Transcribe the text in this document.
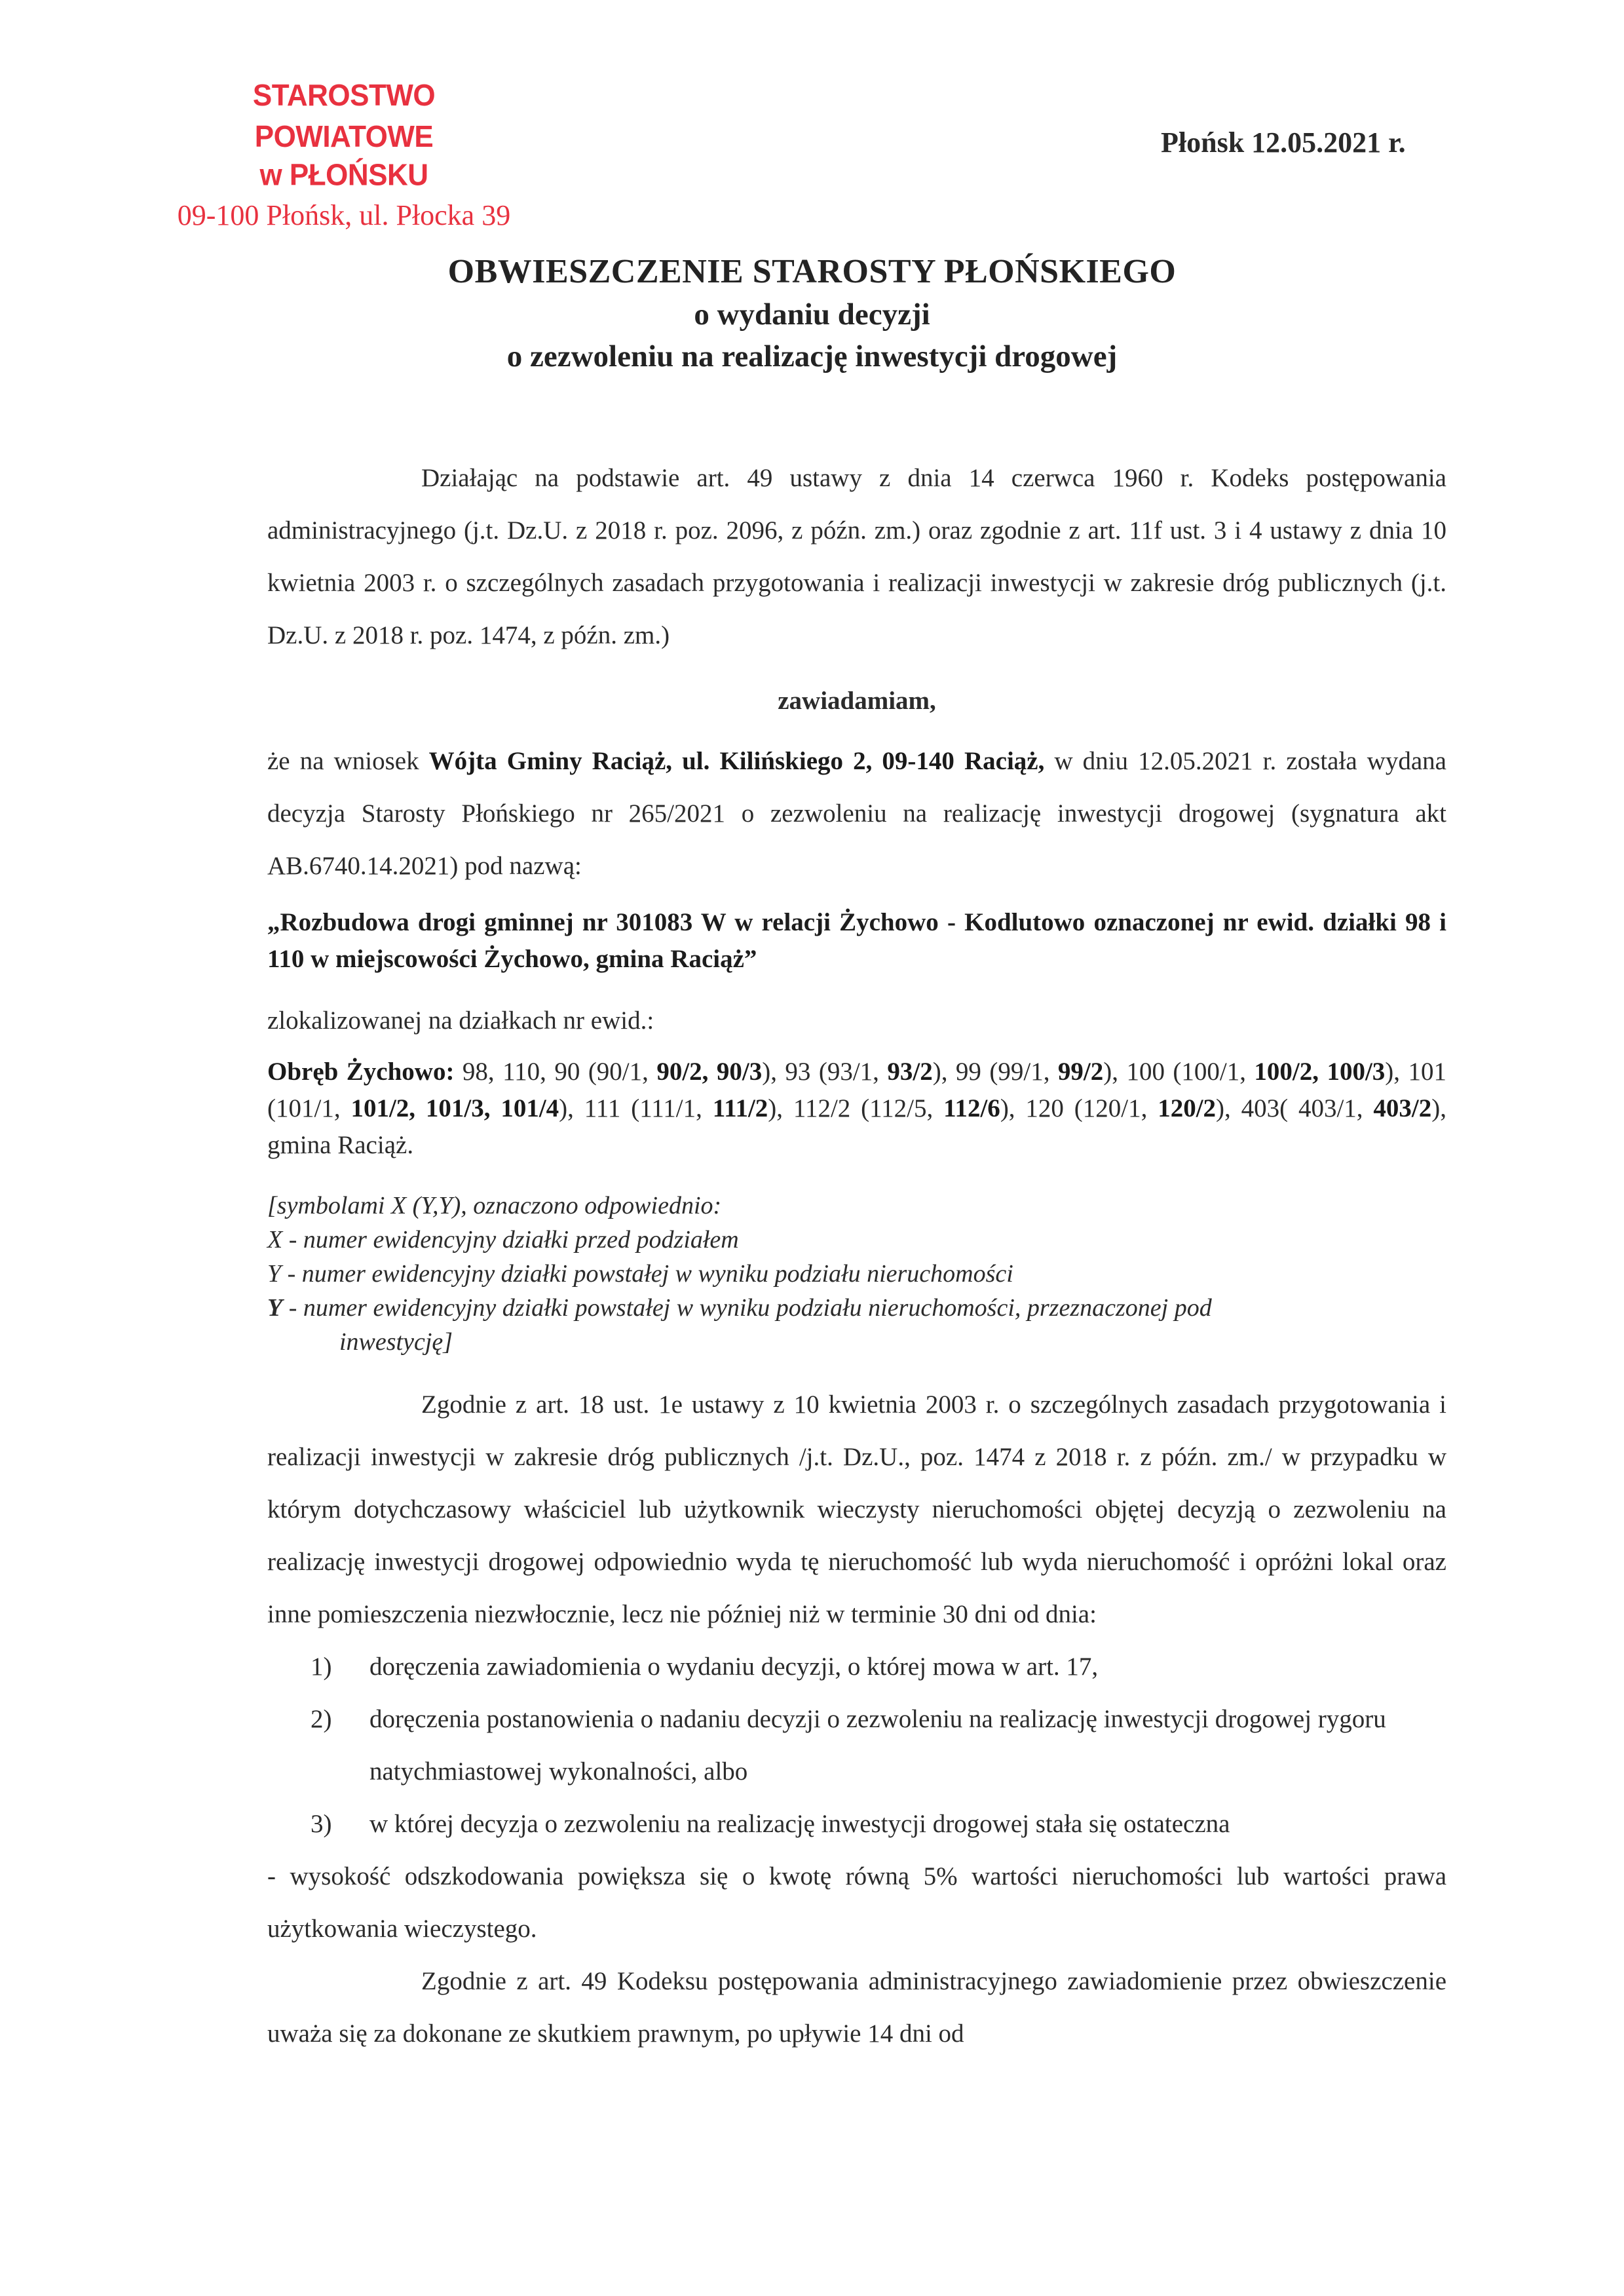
STAROSTWO POWIATOWE
w PŁOŃSKU
09-100 Płońsk, ul. Płocka 39
Płońsk 12.05.2021 r.
OBWIESZCZENIE STAROSTY PŁOŃSKIEGO
o wydaniu decyzji
o zezwoleniu na realizację inwestycji drogowej

Działając na podstawie art. 49 ustawy z dnia 14 czerwca 1960 r. Kodeks postępowania administracyjnego (j.t. Dz.U. z 2018 r. poz. 2096, z późn. zm.) oraz zgodnie z art. 11f ust. 3 i 4 ustawy z dnia 10 kwietnia 2003 r. o szczególnych zasadach przygotowania i realizacji inwestycji w zakresie dróg publicznych (j.t. Dz.U. z 2018 r. poz. 1474, z późn. zm.)

zawiadamiam,

że na wniosek Wójta Gminy Raciąż, ul. Kilińskiego 2, 09-140 Raciąż, w dniu 12.05.2021 r. została wydana decyzja Starosty Płońskiego nr 265/2021 o zezwoleniu na realizację inwestycji drogowej (sygnatura akt AB.6740.14.2021) pod nazwą:

„Rozbudowa drogi gminnej nr 301083 W w relacji Żychowo - Kodlutowo oznaczonej nr ewid. działki 98 i 110 w miejscowości Żychowo, gmina Raciąż”

zlokalizowanej na działkach nr ewid.:

Obręb Żychowo: 98, 110, 90 (90/1, 90/2, 90/3), 93 (93/1, 93/2), 99 (99/1, 99/2), 100 (100/1, 100/2, 100/3), 101 (101/1, 101/2, 101/3, 101/4), 111 (111/1, 111/2), 112/2 (112/5, 112/6), 120 (120/1, 120/2), 403( 403/1, 403/2), gmina Raciąż.

[symbolami X (Y,Y), oznaczono odpowiednio:
X - numer ewidencyjny działki przed podziałem
Y - numer ewidencyjny działki powstałej w wyniku podziału nieruchomości
Y - numer ewidencyjny działki powstałej w wyniku podziału nieruchomości, przeznaczonej pod
inwestycję]

Zgodnie z art. 18 ust. 1e ustawy z 10 kwietnia 2003 r. o szczególnych zasadach przygotowania i realizacji inwestycji w zakresie dróg publicznych /j.t. Dz.U., poz. 1474 z 2018 r. z późn. zm./ w przypadku w którym dotychczasowy właściciel lub użytkownik wieczysty nieruchomości objętej decyzją o zezwoleniu na realizację inwestycji drogowej odpowiednio wyda tę nieruchomość lub wyda nieruchomość i opróżni lokal oraz inne pomieszczenia niezwłocznie, lecz nie później niż w terminie 30 dni od dnia:

1)	doręczenia zawiadomienia o wydaniu decyzji, o której mowa w art. 17,
2)	doręczenia postanowienia o nadaniu decyzji o zezwoleniu na realizację inwestycji drogowej rygoru natychmiastowej wykonalności, albo
3)	w której decyzja o zezwoleniu na realizację inwestycji drogowej stała się ostateczna

- wysokość odszkodowania powiększa się o kwotę równą 5% wartości nieruchomości lub wartości prawa użytkowania wieczystego.

Zgodnie z art. 49 Kodeksu postępowania administracyjnego zawiadomienie przez obwieszczenie uważa się za dokonane ze skutkiem prawnym, po upływie 14 dni od
